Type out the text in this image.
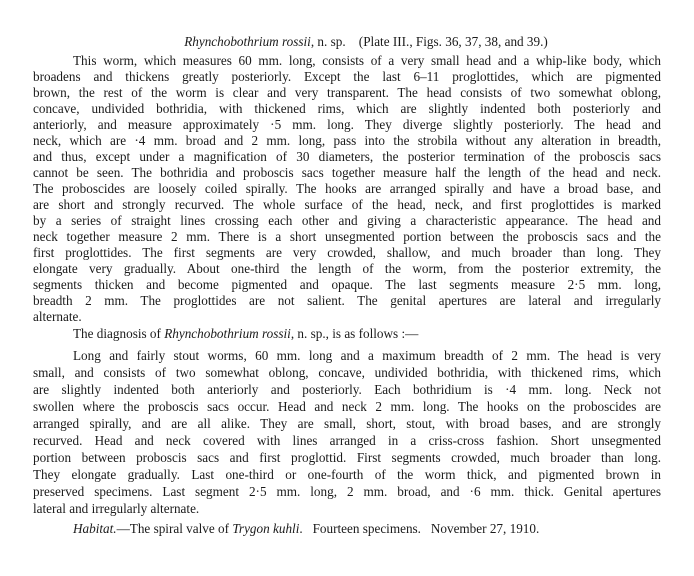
Rhynchobothrium rossii, n. sp.    (Plate III., Figs. 36, 37, 38, and 39.)
This worm, which measures 60 mm. long, consists of a very small head and a whip-like body, which
broadens and thickens greatly posteriorly. Except the last 6–11 proglottides, which are pigmented
brown, the rest of the worm is clear and very transparent. The head consists of two somewhat oblong,
concave, undivided bothridia, with thickened rims, which are slightly indented both posteriorly and
anteriorly, and measure approximately ·5 mm. long. They diverge slightly posteriorly. The head and
neck, which are ·4 mm. broad and 2 mm. long, pass into the strobila without any alteration in breadth,
and thus, except under a magnification of 30 diameters, the posterior termination of the proboscis sacs
cannot be seen. The bothridia and proboscis sacs together measure half the length of the head and neck.
The proboscides are loosely coiled spirally. The hooks are arranged spirally and have a broad base, and
are short and strongly recurved. The whole surface of the head, neck, and first proglottides is marked
by a series of straight lines crossing each other and giving a characteristic appearance. The head and
neck together measure 2 mm. There is a short unsegmented portion between the proboscis sacs and the
first proglottides. The first segments are very crowded, shallow, and much broader than long. They
elongate very gradually. About one-third the length of the worm, from the posterior extremity, the
segments thicken and become pigmented and opaque. The last segments measure 2·5 mm. long,
breadth 2 mm. The proglottides are not salient. The genital apertures are lateral and irregularly
alternate.
The diagnosis of Rhynchobothrium rossii, n. sp., is as follows :—
Long and fairly stout worms, 60 mm. long and a maximum breadth of 2 mm. The head is very
small, and consists of two somewhat oblong, concave, undivided bothridia, with thickened rims, which
are slightly indented both anteriorly and posteriorly. Each bothridium is ·4 mm. long. Neck not
swollen where the proboscis sacs occur. Head and neck 2 mm. long. The hooks on the proboscides are
arranged spirally, and are all alike. They are small, short, stout, with broad bases, and are strongly
recurved. Head and neck covered with lines arranged in a criss-cross fashion. Short unsegmented
portion between proboscis sacs and first proglottid. First segments crowded, much broader than long.
They elongate gradually. Last one-third or one-fourth of the worm thick, and pigmented brown in
preserved specimens. Last segment 2·5 mm. long, 2 mm. broad, and ·6 mm. thick. Genital apertures
lateral and irregularly alternate.
Habitat.—The spiral valve of Trygon kuhli.   Fourteen specimens.   November 27, 1910.
